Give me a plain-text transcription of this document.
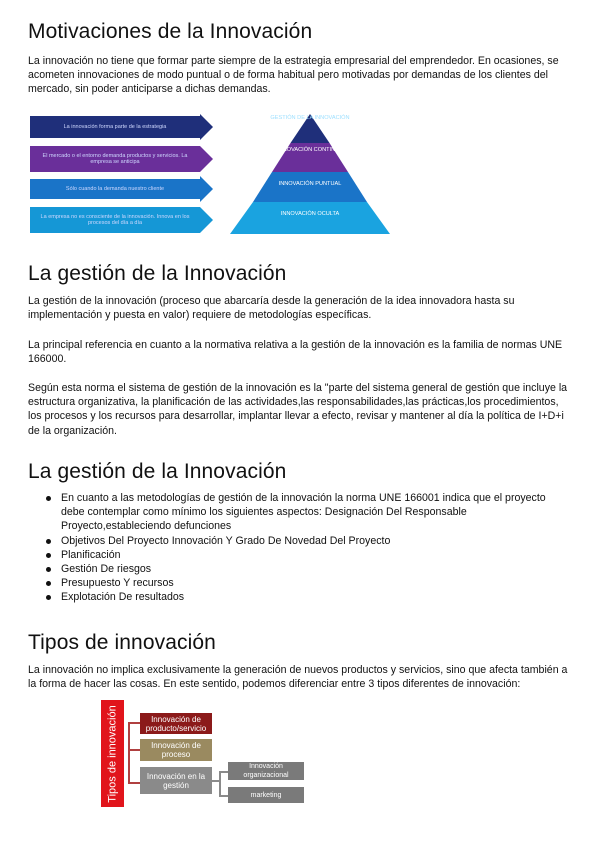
Motivaciones de la Innovación

La innovación no tiene que formar parte siempre de la estrategia empresarial del emprendedor. En ocasiones, se acometen innovaciones de modo puntual o de forma habitual pero motivadas por demandas de los clientes del mercado, sin poder anticiparse a dichas demandas.

La innovación forma parte de la estrategia
El mercado o el entorno demanda productos y servicios. La empresa se anticipa
Sólo cuando la demanda nuestro cliente
La empresa no es consciente de la innovación. Innova en los procesos del día a día
GESTIÓN DE LA INNOVACIÓN
INNOVACIÓN CONTINUA
INNOVACIÓN PUNTUAL
INNOVACIÓN OCULTA
La gestión de la Innovación

La gestión de la innovación (proceso que abarcaría desde la generación de la idea innovadora hasta su implementación y puesta en valor) requiere de metodologías específicas.

La principal referencia en cuanto a la normativa relativa a la gestión de la innovación es la familia de normas UNE 166000.

Según esta norma el sistema de gestión de la innovación es la "parte del sistema general de gestión que incluye la estructura organizativa, la planificación de las actividades,las responsabilidades,las prácticas,los procedimientos, los procesos y los recursos para desarrollar, implantar llevar a efecto, revisar y mantener al día la política de I+D+i de la organización.

La gestión de la Innovación
En cuanto a las metodologías de gestión de la innovación la norma UNE 166001 indica que el proyecto debe contemplar como mínimo los siguientes aspectos: Designación Del Responsable Proyecto,estableciendo defunciones
Objetivos Del Proyecto Innovación Y Grado De Novedad Del Proyecto
Planificación
Gestión De riesgos
Presupuesto Y recursos
Explotación De resultados
Tipos de innovación

La innovación no implica exclusivamente la generación de nuevos productos y servicios, sino que afecta también a la forma de hacer las cosas. En este sentido, podemos diferenciar entre 3 tipos diferentes de innovación:

Tipos de innovación	Innovación de producto/servicio
Innovación de proceso
Innovación en la gestión
Innovación organizacional
marketing
